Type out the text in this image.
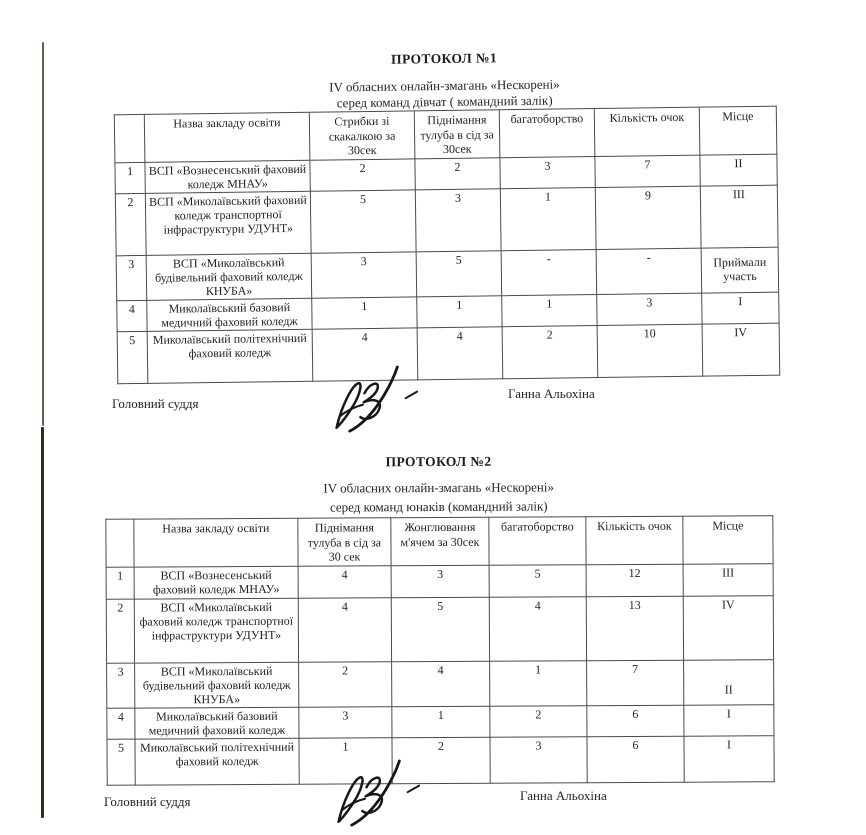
ПРОТОКОЛ №1

IV обласних онлайн-змагань «Нескорені»

серед команд дівчат ( командний залік)

	Назва закладу освіти	Стрибки зі скакалкою за 30сек	Піднімання тулуба в сід за 30сек	багатоборство	Кількість очок	Місце
1	ВСП «Вознесенський фаховий коледж МНАУ»	2	2	3	7	II
2	ВСП «Миколаївський фаховий коледж транспортної інфраструктури УДУНТ»	5	3	1	9	III
3	ВСП «Миколаївський будівельний фаховий коледж КНУБА»	3	5	-	-	Приймали участь
4	Миколаївський базовий медичний фаховий коледж	1	1	1	3	I
5	Миколаївський політехнічний фаховий коледж	4	4	2	10	IV
Головний суддя
Ганна Альохіна
ПРОТОКОЛ №2

IV обласних онлайн-змагань «Нескорені»

серед команд юнаків (командний залік)

	Назва закладу освіти	Піднімання тулуба в сід за 30 сек	Жонглювання м'ячем за 30сек	багатоборство	Кількість очок	Місце
1	ВСП «Вознесенський фаховий коледж МНАУ»	4	3	5	12	III
2	ВСП «Миколаївський фаховий коледж транспортної інфраструктури УДУНТ»	4	5	4	13	IV
3	ВСП «Миколаївський будівельний фаховий коледж КНУБА»	2	4	1	7	II
4	Миколаївський базовий медичний фаховий коледж	3	1	2	6	I
5	Миколаївський політехнічний фаховий коледж	1	2	3	6	I
Головний суддя	Ганна Альохіна
